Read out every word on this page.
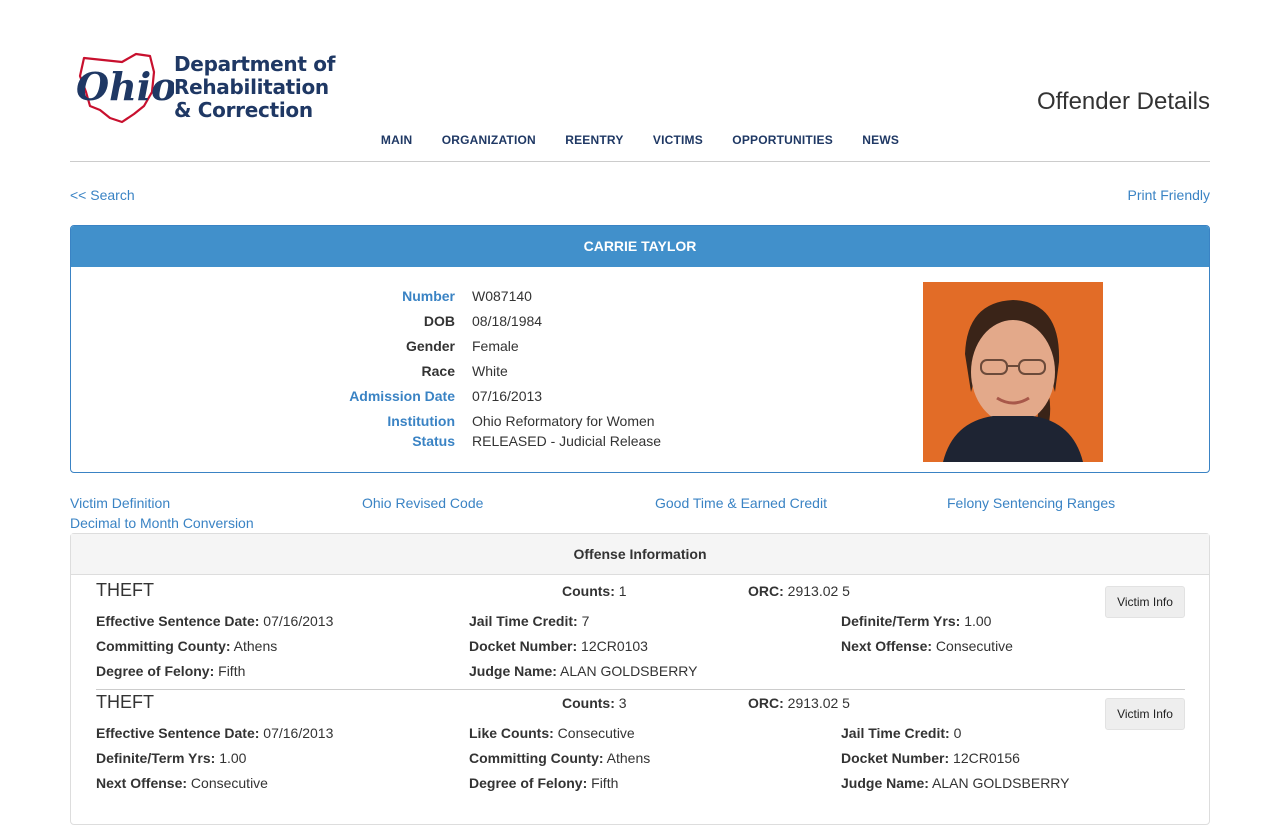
Ohio
Department of
Rehabilitation
& Correction	Offender Details
MAIN ORGANIZATION REENTRY VICTIMS OPPORTUNITIES NEWS
<< Search	Print Friendly
CARRIE TAYLOR
Number W087140
DOB 08/18/1984
Gender Female
Race White
Admission Date 07/16/2013
Institution Ohio Reformatory for Women
Status RELEASED - Judicial Release
Victim Definition	Ohio Revised Code	Good Time & Earned Credit	Felony Sentencing Ranges
Decimal to Month Conversion
Offense Information
THEFT	Counts: 1	ORC: 2913.02 5
Victim Info
Effective Sentence Date: 07/16/2013	Jail Time Credit: 7	Definite/Term Yrs: 1.00
Committing County: Athens	Docket Number: 12CR0103	Next Offense: Consecutive
Degree of Felony: Fifth	Judge Name: ALAN GOLDSBERRY
THEFT	Counts: 3	ORC: 2913.02 5
Victim Info
Effective Sentence Date: 07/16/2013	Like Counts: Consecutive	Jail Time Credit: 0
Definite/Term Yrs: 1.00	Committing County: Athens	Docket Number: 12CR0156
Next Offense: Consecutive	Degree of Felony: Fifth	Judge Name: ALAN GOLDSBERRY
